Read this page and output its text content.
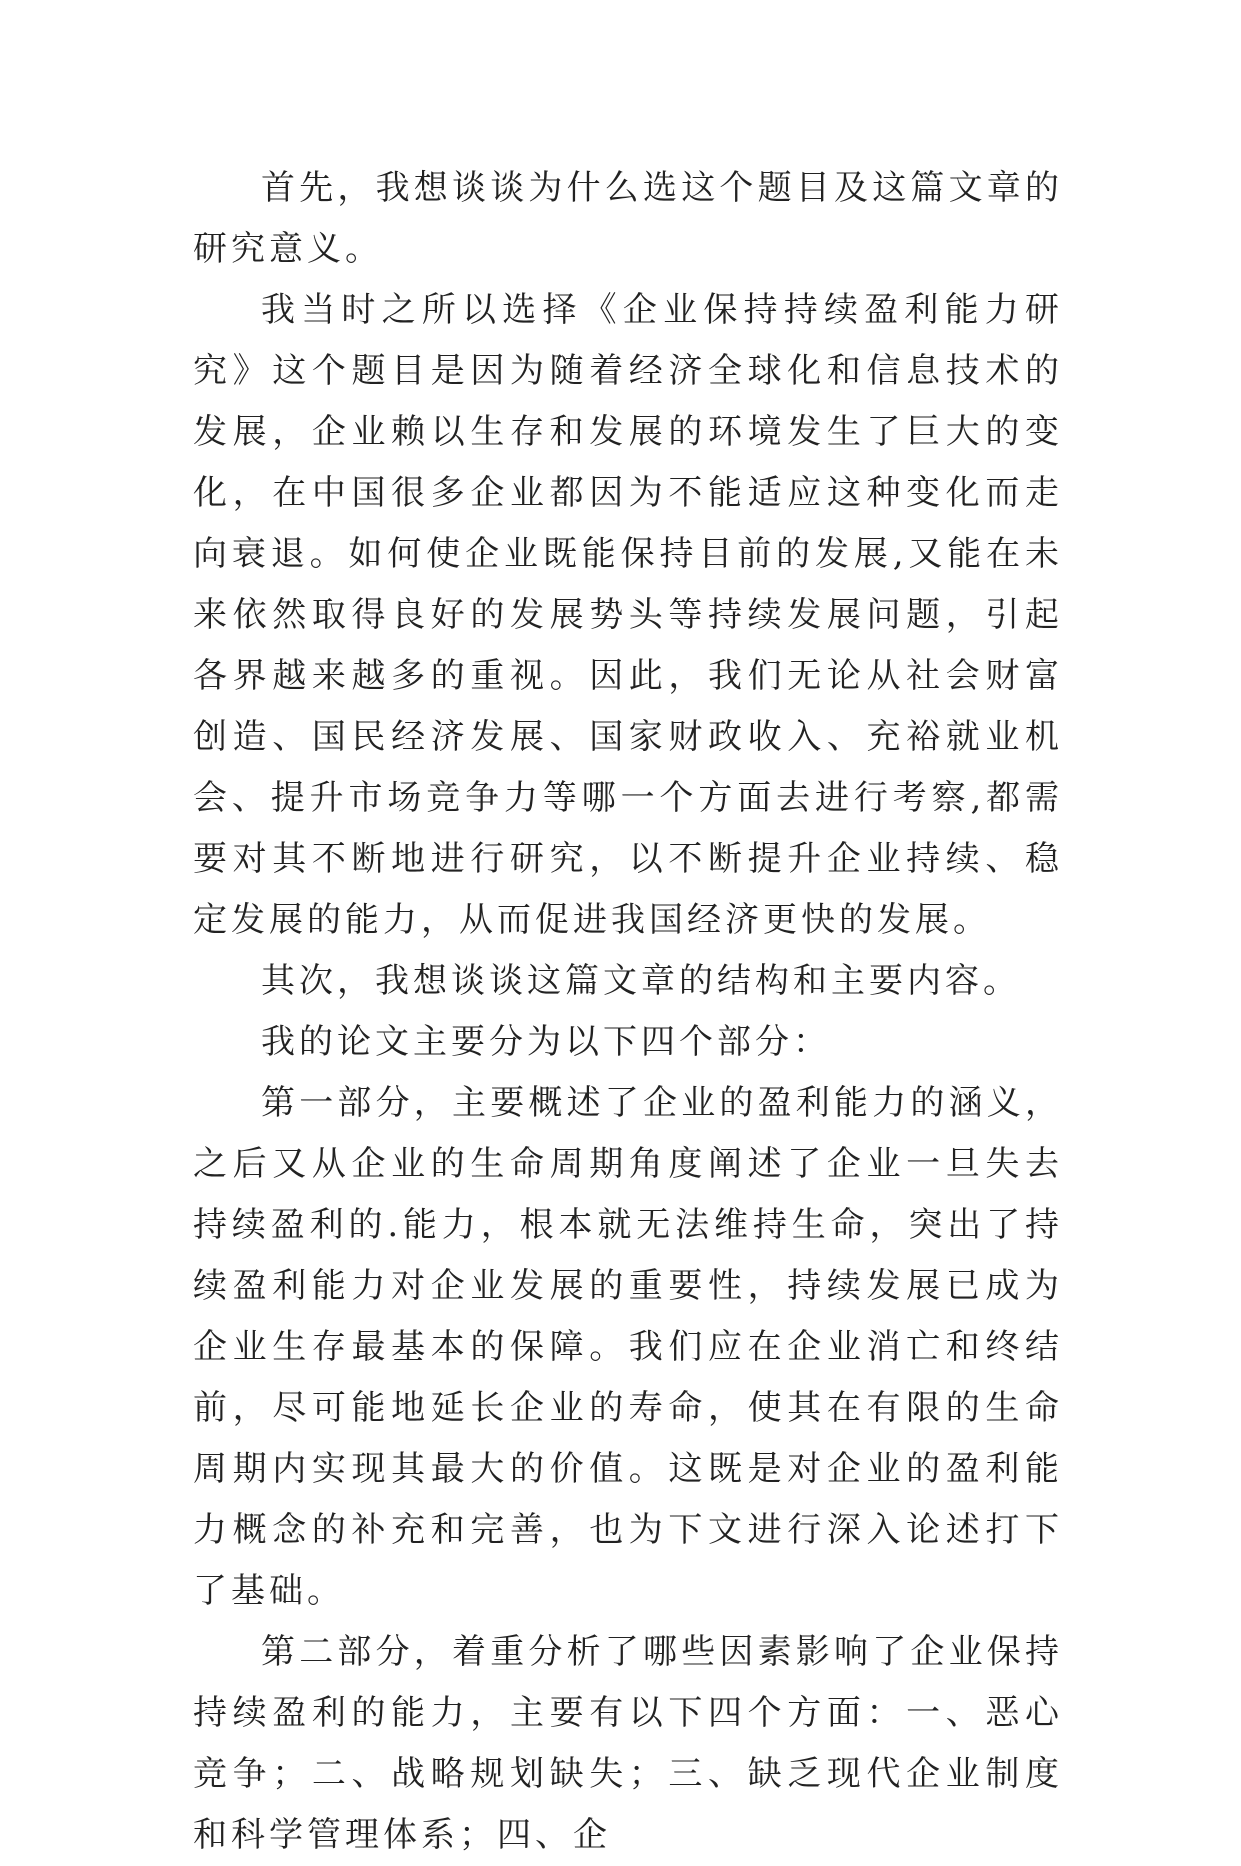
首先，我想谈谈为什么选这个题目及这篇文章的研究意义。

我当时之所以选择《企业保持持续盈利能力研究》这个题目是因为随着经济全球化和信息技术的发展，企业赖以生存和发展的环境发生了巨大的变化，在中国很多企业都因为不能适应这种变化而走向衰退。如何使企业既能保持目前的发展,又能在未来依然取得良好的发展势头等持续发展问题，引起各界越来越多的重视。因此，我们无论从社会财富创造、国民经济发展、国家财政收入、充裕就业机会、提升市场竞争力等哪一个方面去进行考察,都需要对其不断地进行研究，以不断提升企业持续、稳定发展的能力，从而促进我国经济更快的发展。

其次，我想谈谈这篇文章的结构和主要内容。

我的论文主要分为以下四个部分：

第一部分，主要概述了企业的盈利能力的涵义，之后又从企业的生命周期角度阐述了企业一旦失去持续盈利的.能力，根本就无法维持生命，突出了持续盈利能力对企业发展的重要性，持续发展已成为企业生存最基本的保障。我们应在企业消亡和终结前，尽可能地延长企业的寿命，使其在有限的生命周期内实现其最大的价值。这既是对企业的盈利能力概念的补充和完善，也为下文进行深入论述打下了基础。

第二部分，着重分析了哪些因素影响了企业保持持续盈利的能力，主要有以下四个方面：一、恶心竞争；二、战略规划缺失；三、缺乏现代企业制度和科学管理体系；四、企
